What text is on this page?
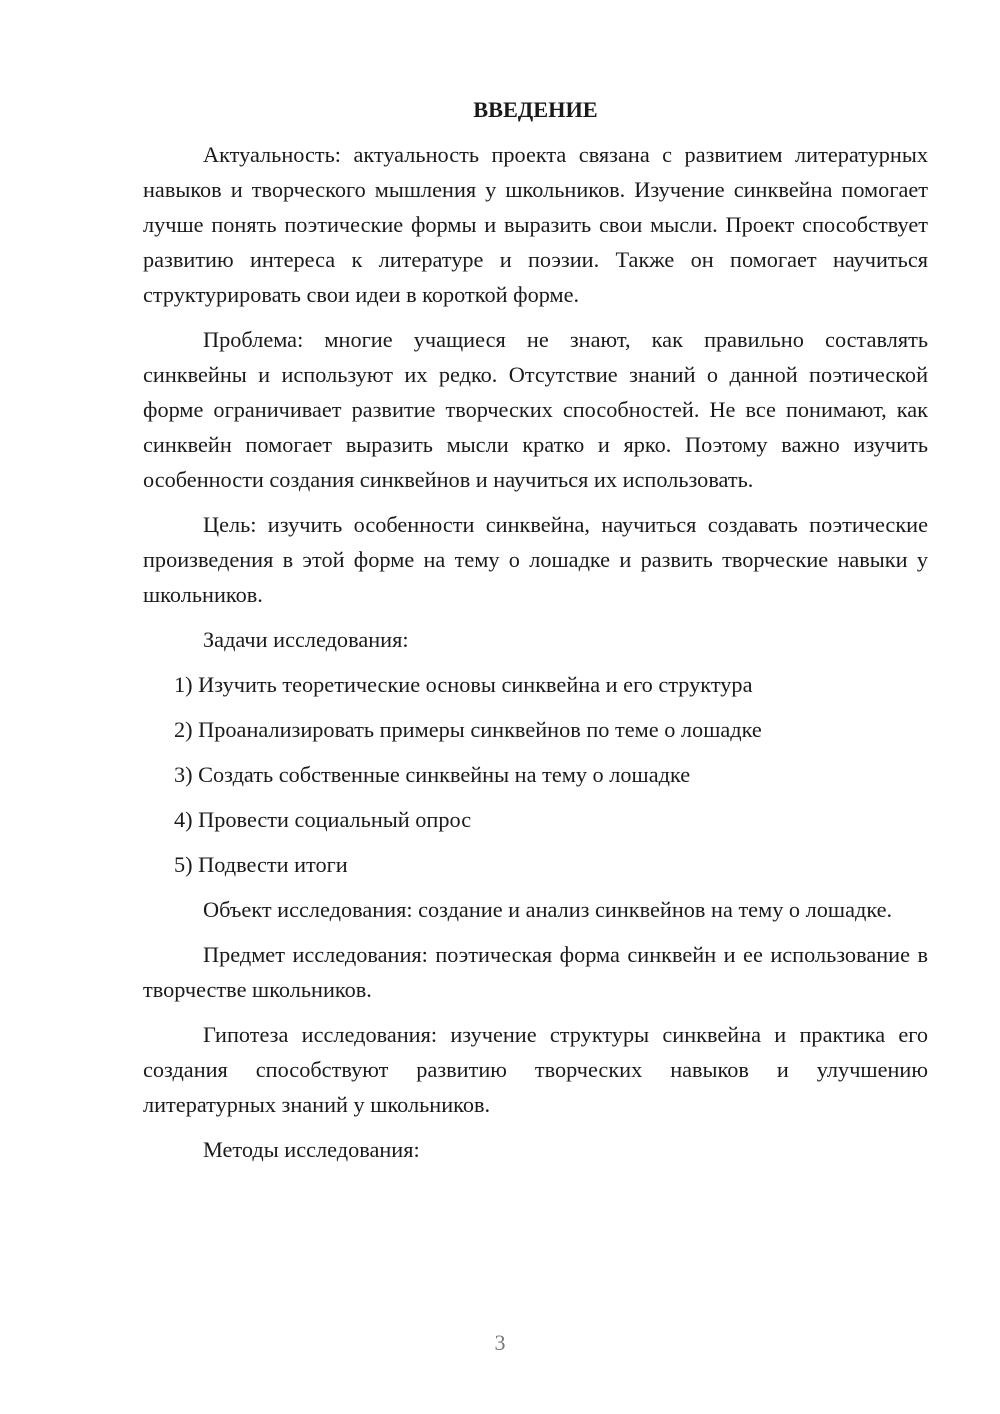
ВВЕДЕНИЕ

Актуальность: актуальность проекта связана с развитием литературных навыков и творческого мышления у школьников. Изучение синквейна помогает лучше понять поэтические формы и выразить свои мысли. Проект способствует развитию интереса к литературе и поэзии. Также он помогает научиться структурировать свои идеи в короткой форме.

Проблема: многие учащиеся не знают, как правильно составлять синквейны и используют их редко. Отсутствие знаний о данной поэтической форме ограничивает развитие творческих способностей. Не все понимают, как синквейн помогает выразить мысли кратко и ярко. Поэтому важно изучить особенности создания синквейнов и научиться их использовать.

Цель: изучить особенности синквейна, научиться создавать поэтические произведения в этой форме на тему о лошадке и развить творческие навыки у школьников.

Задачи исследования:

1) Изучить теоретические основы синквейна и его структура
2) Проанализировать примеры синквейнов по теме о лошадке
3) Создать собственные синквейны на тему о лошадке
4) Провести социальный опрос
5) Подвести итоги

Объект исследования: создание и анализ синквейнов на тему о лошадке.

Предмет исследования: поэтическая форма синквейн и ее использование в творчестве школьников.

Гипотеза исследования: изучение структуры синквейна и практика его создания способствуют развитию творческих навыков и улучшению литературных знаний у школьников.

Методы исследования:

3
